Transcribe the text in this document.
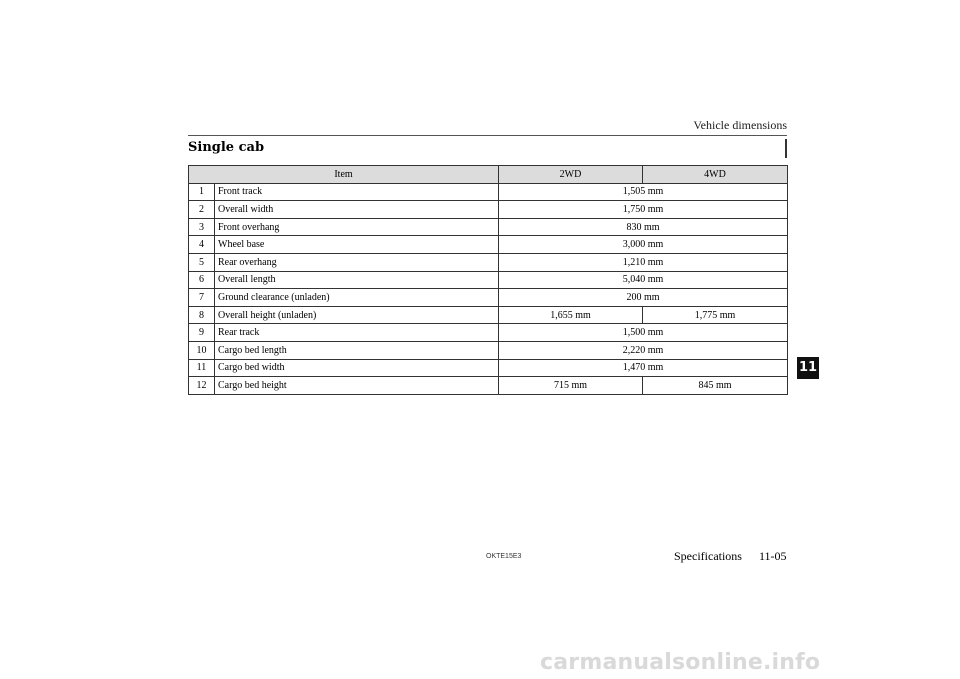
Vehicle dimensions
Single cab
Item		2WD	4WD
1	Front track	1,505 mm	
2	Overall width	1,750 mm	
3	Front overhang	830 mm	
4	Wheel base	3,000 mm	
5	Rear overhang	1,210 mm	
6	Overall length	5,040 mm	
7	Ground clearance (unladen)	200 mm	
8	Overall height (unladen)	1,655 mm	1,775 mm
9	Rear track	1,500 mm	
10	Cargo bed length	2,220 mm	
11	Cargo bed width	1,470 mm	
12	Cargo bed height	715 mm	845 mm
11
OKTE15E3	Specifications 11-05
carmanualsonline.info
